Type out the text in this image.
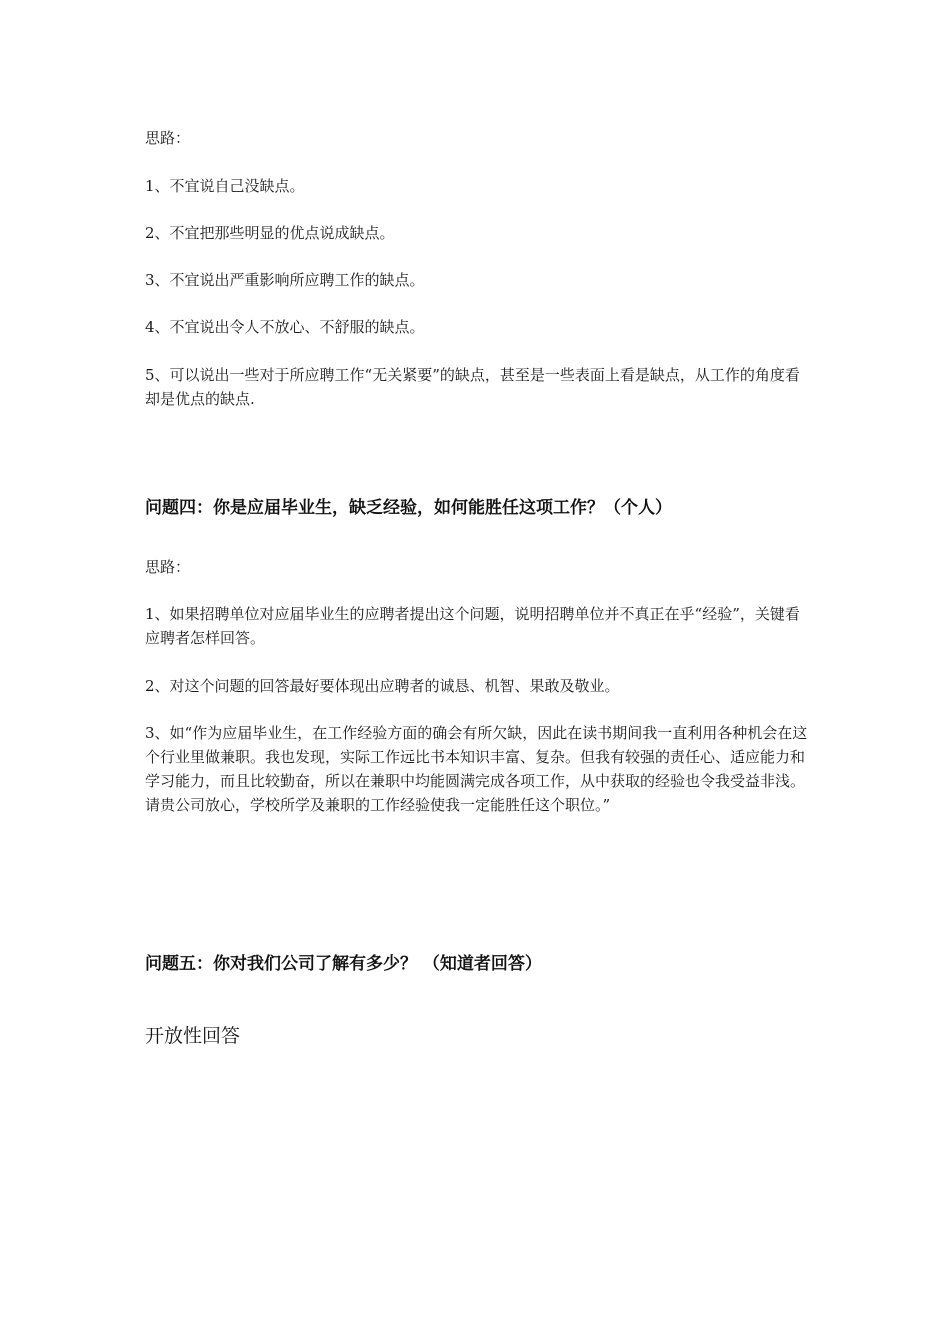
思路：

1、不宜说自己没缺点。

2、不宜把那些明显的优点说成缺点。

3、不宜说出严重影响所应聘工作的缺点。

4、不宜说出令人不放心、不舒服的缺点。

5、可以说出一些对于所应聘工作“无关紧要”的缺点，甚至是一些表面上看是缺点，从工作的角度看却是优点的缺点.

问题四：你是应届毕业生，缺乏经验，如何能胜任这项工作？（个人）

思路：

1、如果招聘单位对应届毕业生的应聘者提出这个问题，说明招聘单位并不真正在乎“经验”，关键看应聘者怎样回答。

2、对这个问题的回答最好要体现出应聘者的诚恳、机智、果敢及敬业。

3、如“作为应届毕业生，在工作经验方面的确会有所欠缺，因此在读书期间我一直利用各种机会在这个行业里做兼职。我也发现，实际工作远比书本知识丰富、复杂。但我有较强的责任心、适应能力和学习能力，而且比较勤奋，所以在兼职中均能圆满完成各项工作，从中获取的经验也令我受益非浅。请贵公司放心，学校所学及兼职的工作经验使我一定能胜任这个职位。”

问题五：你对我们公司了解有多少？ （知道者回答）

开放性回答
